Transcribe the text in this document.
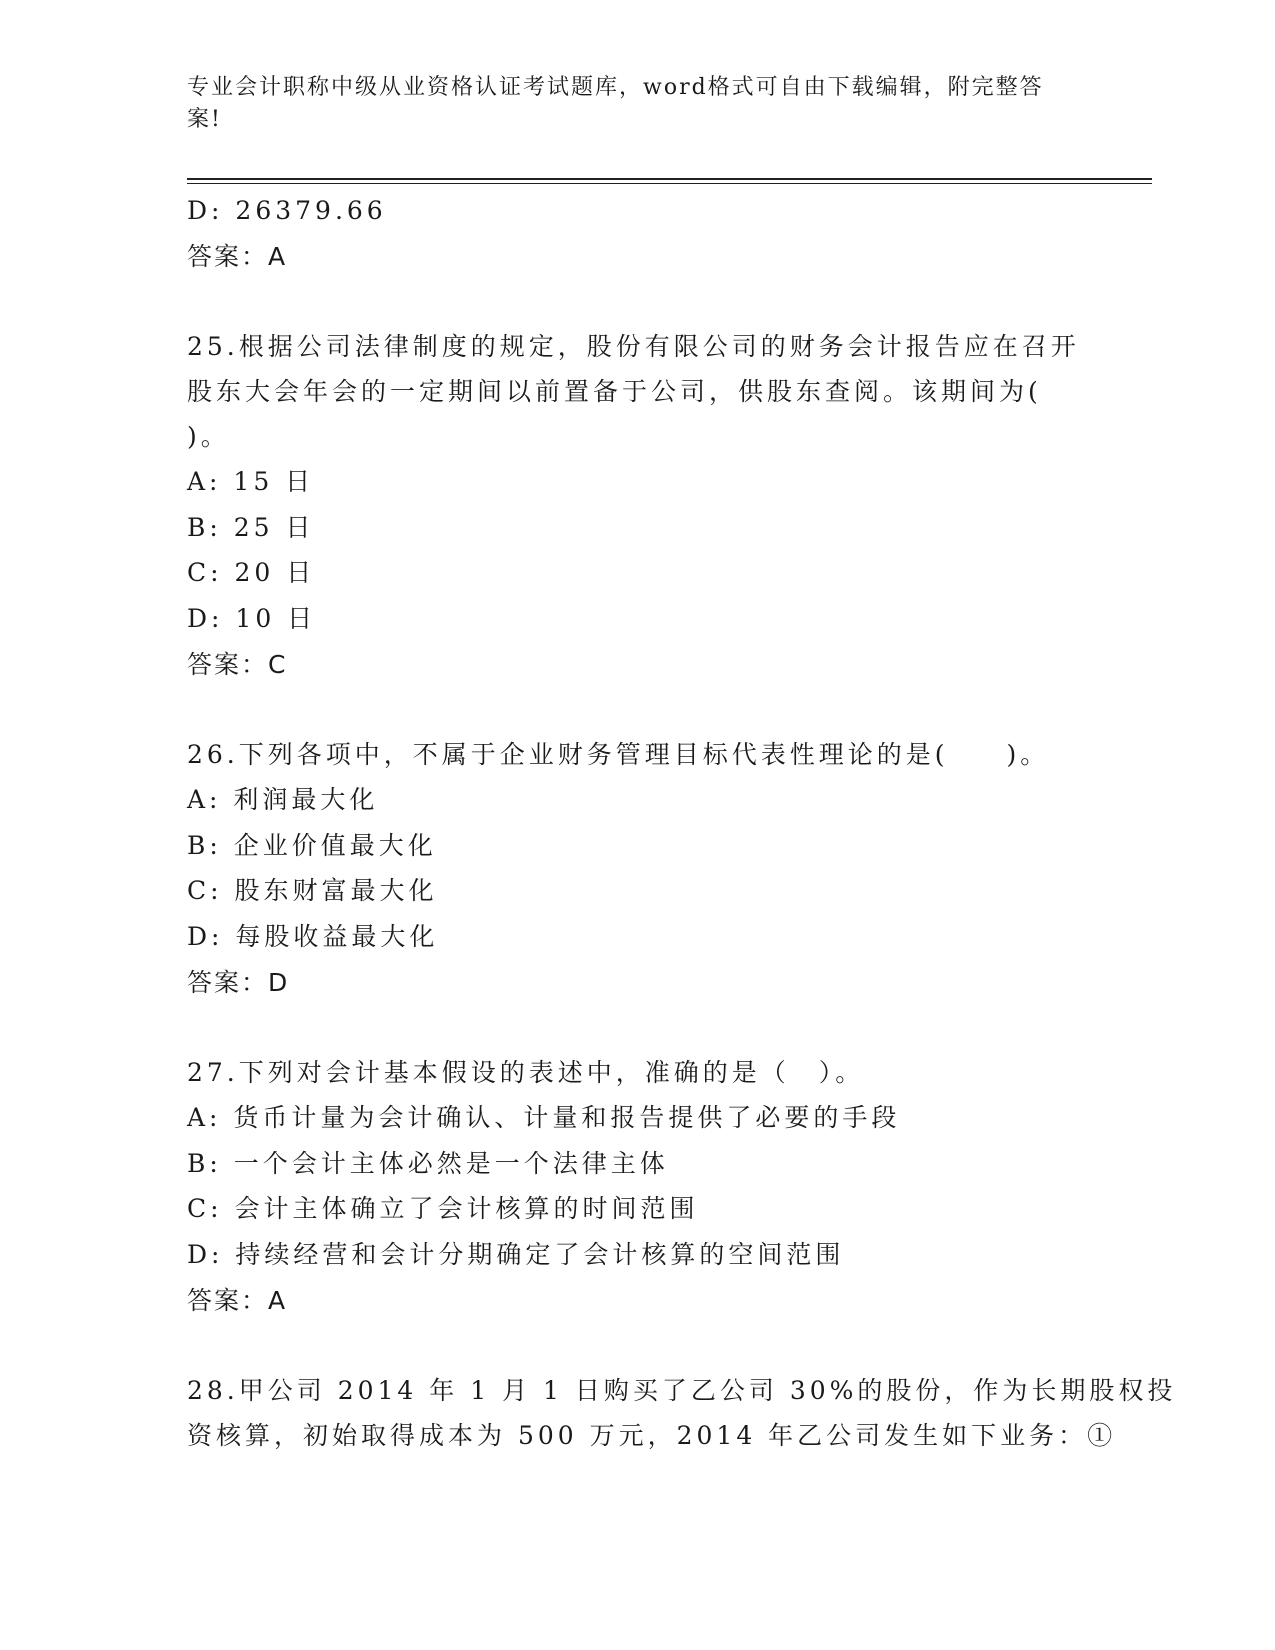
专业会计职称中级从业资格认证考试题库，word格式可自由下载编辑，附完整答
案!
D: 26379.66
答案：A
25.根据公司法律制度的规定，股份有限公司的财务会计报告应在召开
股东大会年会的一定期间以前置备于公司，供股东查阅。该期间为(
)。
A: 15 日
B: 25 日
C: 20 日
D: 10 日
答案：C
26.下列各项中，不属于企业财务管理目标代表性理论的是(　　)。
A: 利润最大化
B: 企业价值最大化
C: 股东财富最大化
D: 每股收益最大化
答案：D
27.下列对会计基本假设的表述中，准确的是（　）。
A: 货币计量为会计确认、计量和报告提供了必要的手段
B: 一个会计主体必然是一个法律主体
C: 会计主体确立了会计核算的时间范围
D: 持续经营和会计分期确定了会计核算的空间范围
答案：A
28.甲公司 2014 年 1 月 1 日购买了乙公司 30%的股份，作为长期股权投
资核算，初始取得成本为 500 万元，2014 年乙公司发生如下业务：①
